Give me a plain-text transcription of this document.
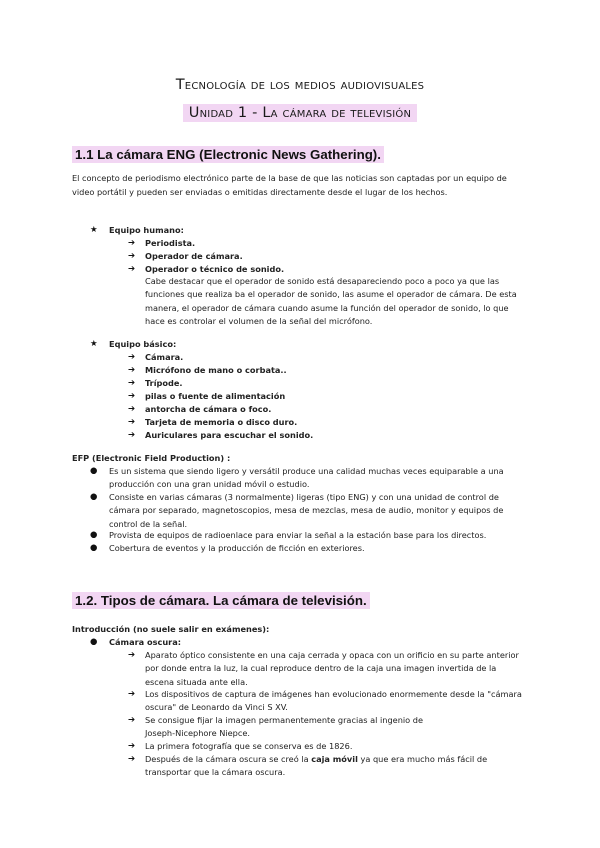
Tecnología de los medios audiovisuales
Unidad 1 - La cámara de televisión
1.1 La cámara ENG (Electronic News Gathering).
El concepto de periodismo electrónico parte de la base de que las noticias son captadas por un equipo de video portátil y pueden ser enviadas o emitidas directamente desde el lugar de los hechos.
★ Equipo humano:
➔ Periodista.
➔ Operador de cámara.
➔ Operador o técnico de sonido.
Cabe destacar que el operador de sonido está desapareciendo poco a poco ya que las funciones que realiza ba el operador de sonido, las asume el operador de cámara. De esta manera, el operador de cámara cuando asume la función del operador de sonido, lo que hace es controlar el volumen de la señal del micrófono.
★ Equipo básico:
➔ Cámara.
➔ Micrófono de mano o corbata..
➔ Trípode.
➔ pilas o fuente de alimentación
➔ antorcha de cámara o foco.
➔ Tarjeta de memoria o disco duro.
➔ Auriculares para escuchar el sonido.
EFP (Electronic Field Production) :
● Es un sistema que siendo ligero y versátil produce una calidad muchas veces equiparable a una producción con una gran unidad móvil o estudio.
● Consiste en varias cámaras (3 normalmente) ligeras (tipo ENG) y con una unidad de control de cámara por separado, magnetoscopios, mesa de mezclas, mesa de audio, monitor y equipos de control de la señal.
● Provista de equipos de radioenlace para enviar la señal a la estación base para los directos.
● Cobertura de eventos y la producción de ficción en exteriores.
1.2. Tipos de cámara. La cámara de televisión.
Introducción (no suele salir en exámenes):
● Cámara oscura:
➔ Aparato óptico consistente en una caja cerrada y opaca con un orificio en su parte anterior por donde entra la luz, la cual reproduce dentro de la caja una imagen invertida de la escena situada ante ella.
➔ Los dispositivos de captura de imágenes han evolucionado enormemente desde la "cámara oscura" de Leonardo da Vinci S XV.
➔ Se consigue fijar la imagen permanentemente gracias al ingenio de Joseph-Nicephore Niepce.
➔ La primera fotografía que se conserva es de 1826.
➔ Después de la cámara oscura se creó la caja móvil ya que era mucho más fácil de transportar que la cámara oscura.
